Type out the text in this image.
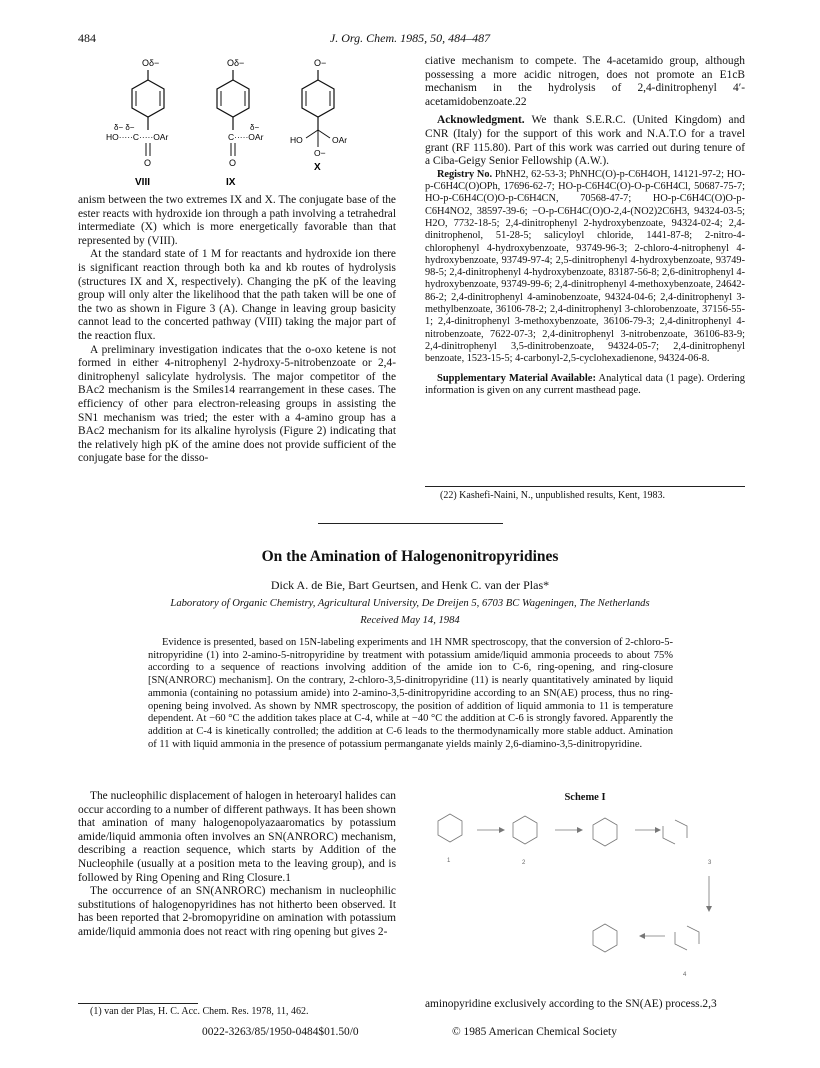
484	J. Org. Chem. 1985, 50, 484–487
Oδ−
δ− δ−
HO·····C·····OAr
O
VIII
Oδ−
δ−
C·····OAr
O
IX
O−
HO	OAr
O−
X

anism between the two extremes IX and X. The conjugate base of the ester reacts with hydroxide ion through a path involving a tetrahedral intermediate (X) which is more energetically favorable than that represented by (VIII).

At the standard state of 1 M for reactants and hydroxide ion there is significant reaction through both ka and kb routes of hydrolysis (structures IX and X, respectively). Changing the pK of the leaving group will only alter the likelihood that the path taken will be one of the two as shown in Figure 3 (A). Change in leaving group basicity cannot lead to the concerted pathway (VIII) taking the major part of the reaction flux.

A preliminary investigation indicates that the o-oxo ketene is not formed in either 4-nitrophenyl 2-hydroxy-5-nitrobenzoate or 2,4-dinitrophenyl salicylate hydrolysis. The major competitor of the BAc2 mechanism is the Smiles14 rearrangement in these cases. The efficiency of other para electron-releasing groups in assisting the SN1 mechanism was tried; the ester with a 4-amino group has a BAc2 mechanism for its alkaline hyrolysis (Figure 2) indicating that the relatively high pK of the amine does not provide sufficient of the conjugate base for the disso-

ciative mechanism to compete. The 4-acetamido group, although possessing a more acidic nitrogen, does not promote an E1cB mechanism in the hydrolysis of 2,4-dinitrophenyl 4′-acetamidobenzoate.22

Acknowledgment. We thank S.E.R.C. (United Kingdom) and CNR (Italy) for the support of this work and N.A.T.O for a travel grant (RF 115.80). Part of this work was carried out during tenure of a Ciba-Geigy Senior Fellowship (A.W.).

Registry No. PhNH2, 62-53-3; PhNHC(O)-p-C6H4OH, 14121-97-2; HO-p-C6H4C(O)OPh, 17696-62-7; HO-p-C6H4C(O)-O-p-C6H4Cl, 50687-75-7; HO-p-C6H4C(O)O-p-C6H4CN, 70568-47-7; HO-p-C6H4C(O)O-p-C6H4NO2, 38597-39-6; −O-p-C6H4C(O)O-2,4-(NO2)2C6H3, 94324-03-5; H2O, 7732-18-5; 2,4-dinitrophenyl 2-hydroxybenzoate, 94324-02-4; 2,4-dinitrophenol, 51-28-5; salicyloyl chloride, 1441-87-8; 2-nitro-4-chlorophenyl 4-hydroxybenzoate, 93749-96-3; 2-chloro-4-nitrophenyl 4-hydroxybenzoate, 93749-97-4; 2,5-dinitrophenyl 4-hydroxybenzoate, 93749-98-5; 2,4-dinitrophenyl 4-hydroxybenzoate, 83187-56-8; 2,6-dinitrophenyl 4-hydroxybenzoate, 93749-99-6; 2,4-dinitrophenyl 4-methoxybenzoate, 24642-86-2; 2,4-dinitrophenyl 4-aminobenzoate, 94324-04-6; 2,4-dinitrophenyl 3-methylbenzoate, 36106-78-2; 2,4-dinitrophenyl 3-chlorobenzoate, 37156-55-1; 2,4-dinitrophenyl 3-methoxybenzoate, 36106-79-3; 2,4-dinitrophenyl 4-nitrobenzoate, 7622-07-3; 2,4-dinitrophenyl 3-nitrobenzoate, 36106-83-9; 2,4-dinitrophenyl 3,5-dinitrobenzoate, 94324-05-7; 2,4-dinitrophenyl benzoate, 1523-15-5; 4-carbonyl-2,5-cyclohexadienone, 94324-06-8.

Supplementary Material Available: Analytical data (1 page). Ordering information is given on any current masthead page.

(22) Kashefi-Naini, N., unpublished results, Kent, 1983.

On the Amination of Halogenonitropyridines
Dick A. de Bie, Bart Geurtsen, and Henk C. van der Plas*
Laboratory of Organic Chemistry, Agricultural University, De Dreijen 5, 6703 BC Wageningen, The Netherlands
Received May 14, 1984

Evidence is presented, based on 15N-labeling experiments and 1H NMR spectroscopy, that the conversion of 2-chloro-5-nitropyridine (1) into 2-amino-5-nitropyridine by treatment with potassium amide/liquid ammonia proceeds to about 75% according to a sequence of reactions involving addition of the amide ion to C-6, ring-opening, and ring-closure [SN(ANRORC) mechanism]. On the contrary, 2-chloro-3,5-dinitropyridine (11) is nearly quantitatively aminated by liquid ammonia (containing no potassium amide) into 2-amino-3,5-dinitropyridine according to an SN(AE) process, thus no ring-opening being involved. As shown by NMR spectroscopy, the position of addition of liquid ammonia to 11 is temperature dependent. At −60 °C the addition takes place at C-4, while at −40 °C the addition at C-6 is strongly favored. Apparently the addition at C-4 is kinetically controlled; the addition at C-6 leads to the thermodynamically more stable adduct. Amination of 11 with liquid ammonia in the presence of potassium permanganate yields mainly 2,6-diamino-3,5-dinitropyridine.

The nucleophilic displacement of halogen in heteroaryl halides can occur according to a number of different pathways. It has been shown that amination of many halogenopolyazaaromatics by potassium amide/liquid ammonia often involves an SN(ANRORC) mechanism, describing a reaction sequence, which starts by Addition of the Nucleophile (usually at a position meta to the leaving group), and is followed by Ring Opening and Ring Closure.1

The occurrence of an SN(ANRORC) mechanism in nucleophilic substitutions of halogenopyridines has not hitherto been observed. It has been reported that 2-bromopyridine on amination with potassium amide/liquid ammonia does not react with ring opening but gives 2-

(1) van der Plas, H. C. Acc. Chem. Res. 1978, 11, 462.

Scheme I
1	2	3
4

aminopyridine exclusively according to the SN(AE) process.2,3

0022-3263/85/1950-0484$01.50/0	© 1985 American Chemical Society
